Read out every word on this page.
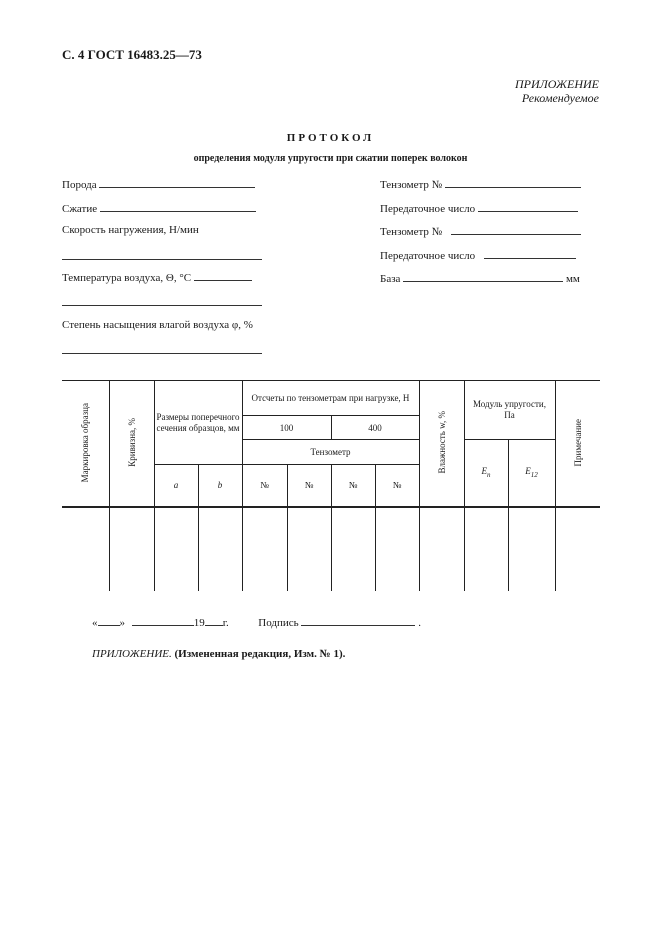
С. 4 ГОСТ 16483.25—73
ПРИЛОЖЕНИЕ
Рекомендуемое
ПРОТОКОЛ
определения модуля упругости при сжатии поперек волокон
Порода
Сжатие
Скорость нагружения, Н/мин
Температура воздуха, Θ, °С
Степень насыщения влагой воздуха φ, %
Тензометр №
Передаточное число
Тензометр №
Передаточное число
База	мм
Маркировка образца	Кривизна, %	Размеры поперечного сечения образцов, мм		Отсчеты по тензометрам при нагрузке, Н				Влажность w, %	Модуль упругости, Па		Примечание
				100		400					
				Тензометр					$E_n$	$E_{12}$
		a	b	№	№	№	№				

« »	19 г.	Подпись	.
ПРИЛОЖЕНИЕ. (Измененная редакция, Изм. № 1).
